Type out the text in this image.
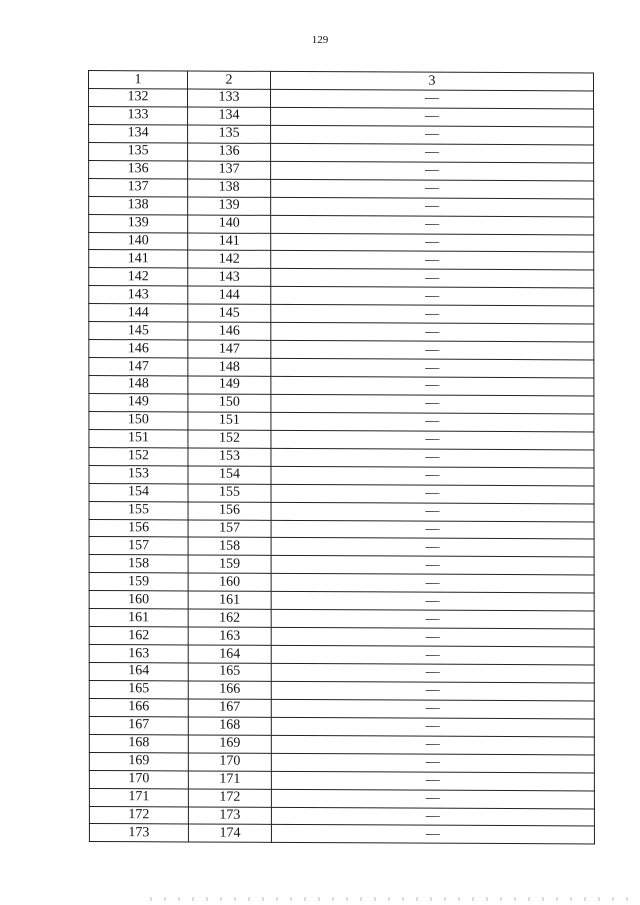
129
1	2	3
132	133	—
133	134	—
134	135	—
135	136	—
136	137	—
137	138	—
138	139	—
139	140	—
140	141	—
141	142	—
142	143	—
143	144	—
144	145	—
145	146	—
146	147	—
147	148	—
148	149	—
149	150	—
150	151	—
151	152	—
152	153	—
153	154	—
154	155	—
155	156	—
156	157	—
157	158	—
158	159	—
159	160	—
160	161	—
161	162	—
162	163	—
163	164	—
164	165	—
165	166	—
166	167	—
167	168	—
168	169	—
169	170	—
170	171	—
171	172	—
172	173	—
173	174	—
